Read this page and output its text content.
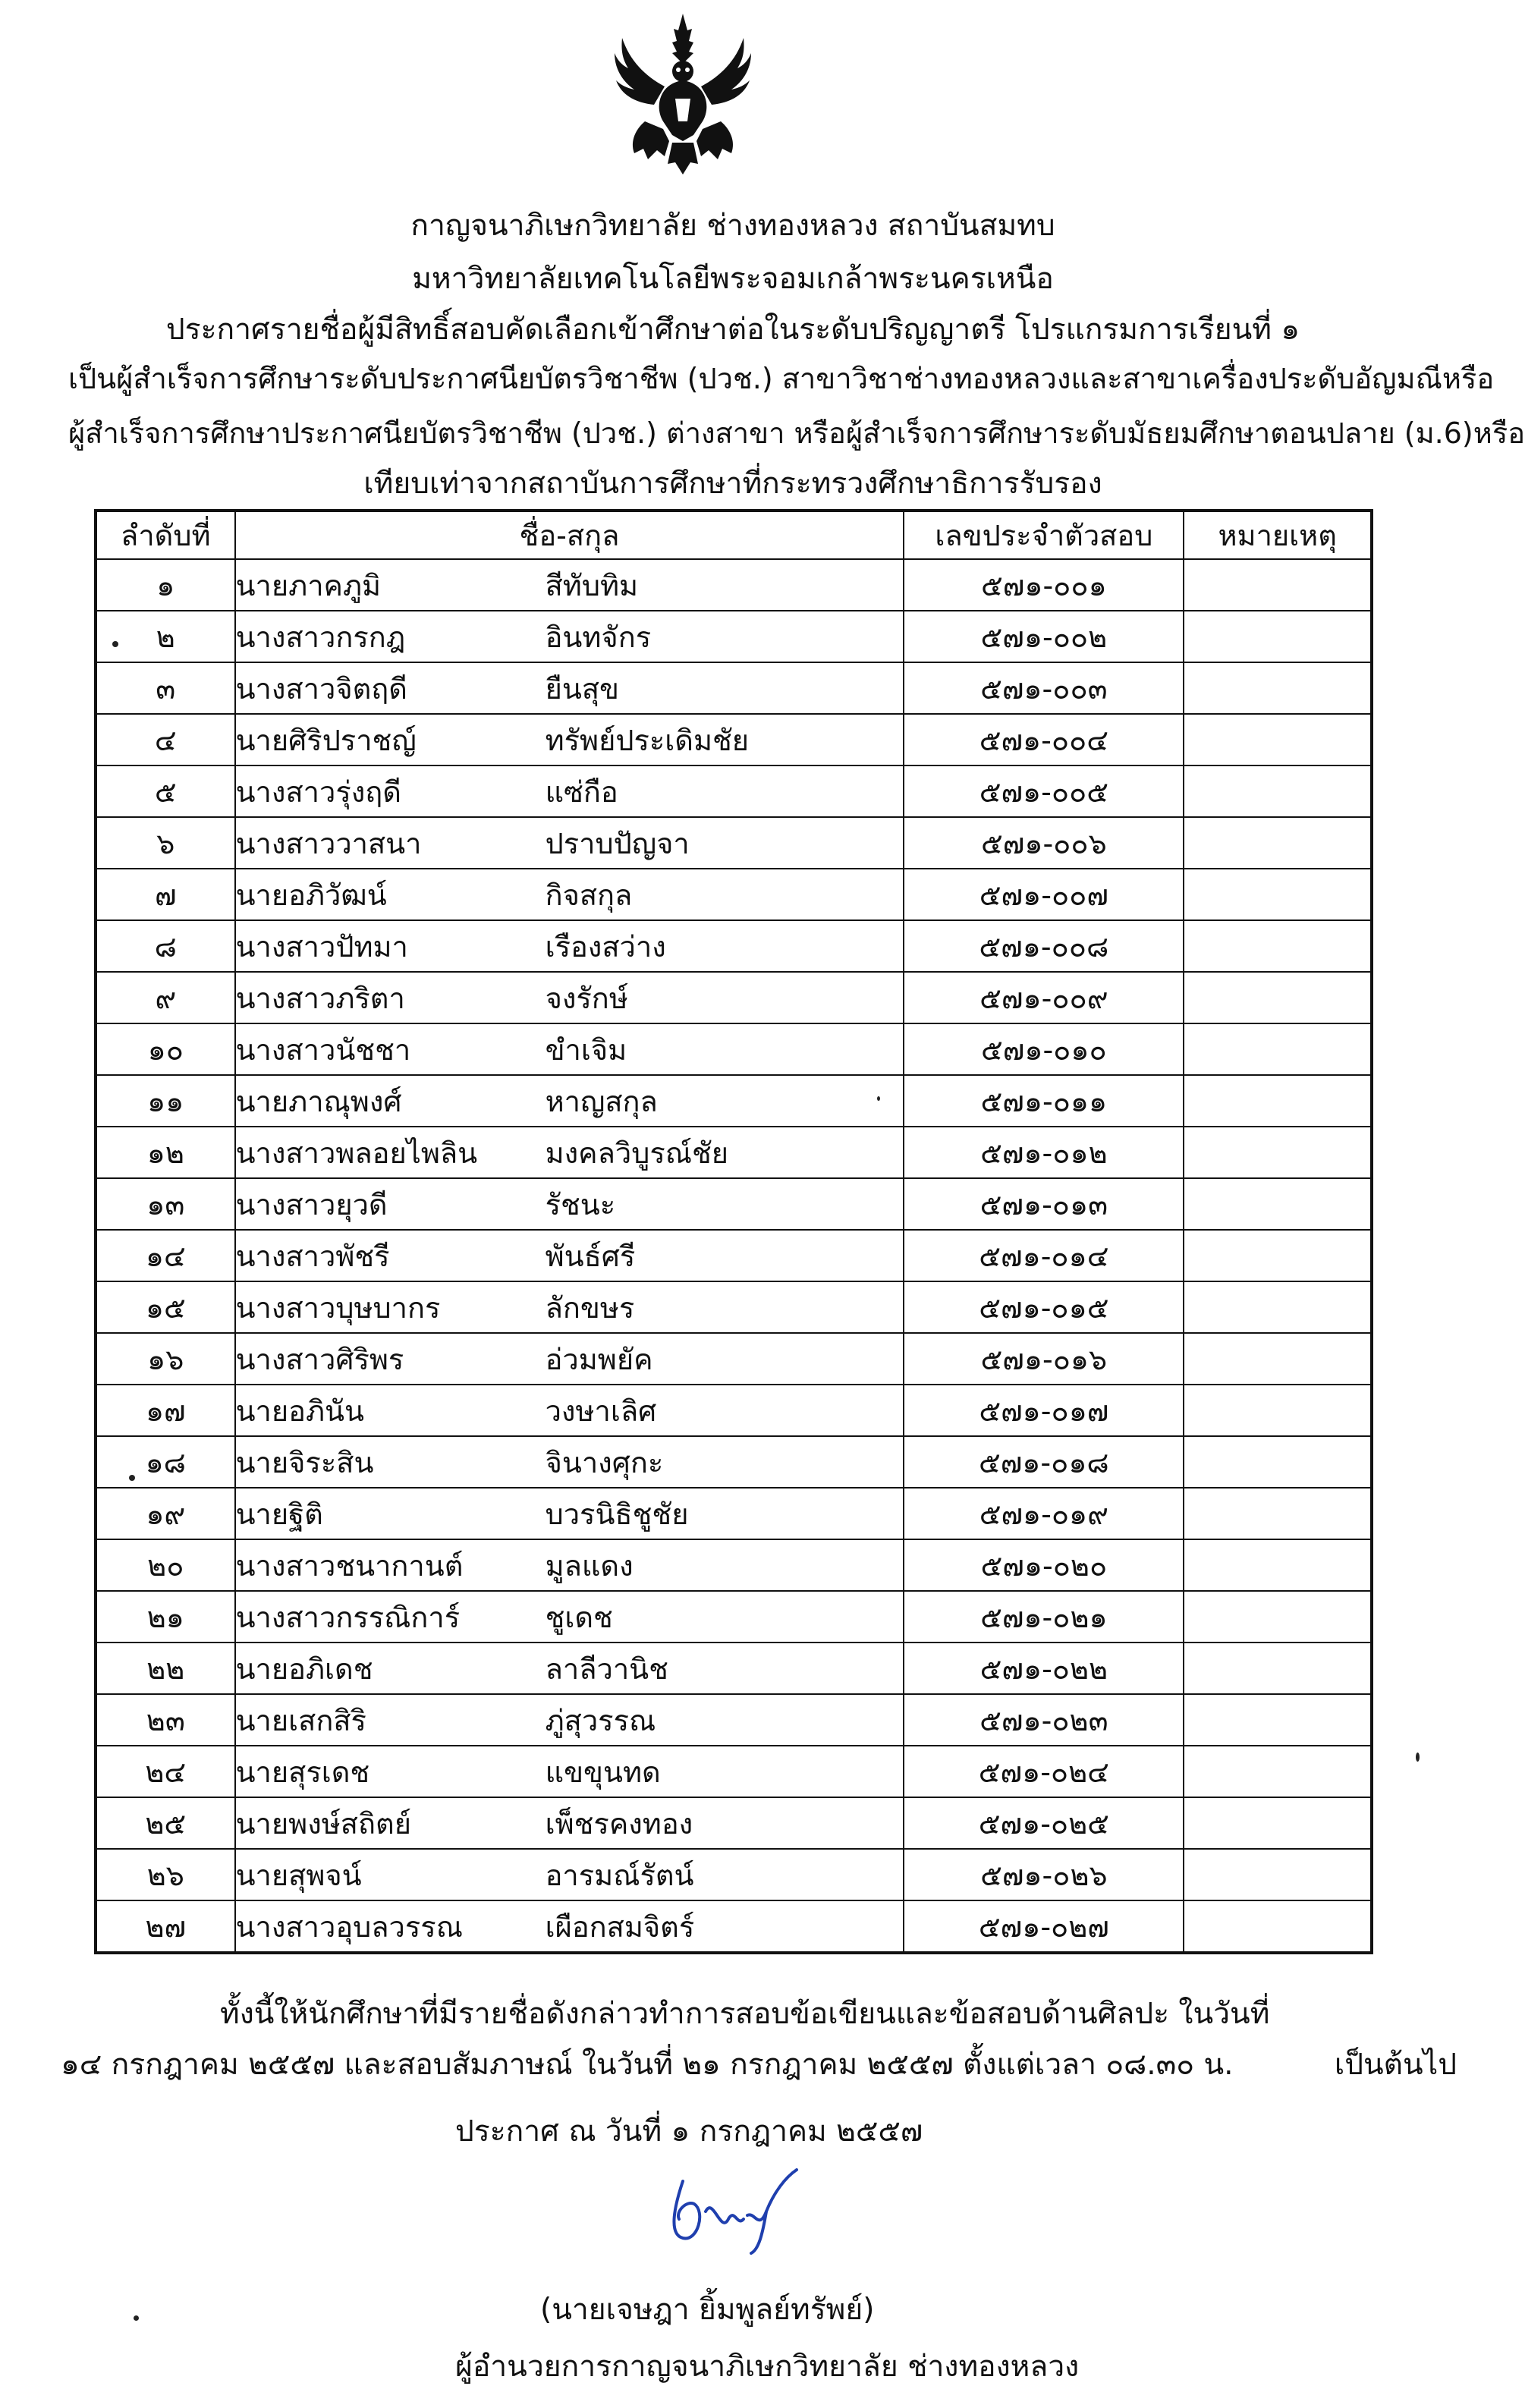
กาญจนาภิเษกวิทยาลัย ช่างทองหลวง สถาบันสมทบ
มหาวิทยาลัยเทคโนโลยีพระจอมเกล้าพระนครเหนือ
ประกาศรายชื่อผู้มีสิทธิ์สอบคัดเลือกเข้าศึกษาต่อในระดับปริญญาตรี โปรแกรมการเรียนที่ ๑
เป็นผู้สำเร็จการศึกษาระดับประกาศนียบัตรวิชาชีพ (ปวช.) สาขาวิชาช่างทองหลวงและสาขาเครื่องประดับอัญมณี หรือ
ผู้สำเร็จการศึกษาประกาศนียบัตรวิชาชีพ (ปวช.) ต่างสาขา หรือผู้สำเร็จการศึกษาระดับมัธยมศึกษาตอนปลาย (ม.6) หรือ
เทียบเท่าจากสถาบันการศึกษาที่กระทรวงศึกษาธิการรับรอง
ลำดับที่	ชื่อ-สกุล	เลขประจำตัวสอบ	หมายเหตุ
๑	นายภาคภูมิ สีทับทิม	๕๗๑-๐๐๑	
๒	นางสาวกรกฎ อินทจักร	๕๗๑-๐๐๒	
๓	นางสาวจิตฤดี ยืนสุข	๕๗๑-๐๐๓	
๔	นายศิริปราชญ์ ทรัพย์ประเดิมชัย	๕๗๑-๐๐๔	
๕	นางสาวรุ่งฤดี แซ่กือ	๕๗๑-๐๐๕	
๖	นางสาววาสนา ปราบปัญจา	๕๗๑-๐๐๖	
๗	นายอภิวัฒน์ กิจสกุล	๕๗๑-๐๐๗	
๘	นางสาวปัทมา เรืองสว่าง	๕๗๑-๐๐๘	
๙	นางสาวภริตา จงรักษ์	๕๗๑-๐๐๙	
๑๐	นางสาวนัชชา ขำเจิม	๕๗๑-๐๑๐	
๑๑	นายภาณุพงศ์ หาญสกุล	๕๗๑-๐๑๑	
๑๒	นางสาวพลอยไพลิน มงคลวิบูรณ์ชัย	๕๗๑-๐๑๒	
๑๓	นางสาวยุวดี รัชนะ	๕๗๑-๐๑๓	
๑๔	นางสาวพัชรี พันธ์ศรี	๕๗๑-๐๑๔	
๑๕	นางสาวบุษบากร ลักขษร	๕๗๑-๐๑๕	
๑๖	นางสาวศิริพร อ่วมพยัค	๕๗๑-๐๑๖	
๑๗	นายอภินัน วงษาเลิศ	๕๗๑-๐๑๗	
๑๘	นายจิระสิน จินางศุกะ	๕๗๑-๐๑๘	
๑๙	นายฐิติ บวรนิธิชูชัย	๕๗๑-๐๑๙	
๒๐	นางสาวชนากานต์ มูลแดง	๕๗๑-๐๒๐	
๒๑	นางสาวกรรณิการ์ ชูเดช	๕๗๑-๐๒๑	
๒๒	นายอภิเดช ลาลีวานิช	๕๗๑-๐๒๒	
๒๓	นายเสกสิริ ภู่สุวรรณ	๕๗๑-๐๒๓	
๒๔	นายสุรเดช แขขุนทด	๕๗๑-๐๒๔	
๒๕	นายพงษ์สถิตย์ เพ็ชรคงทอง	๕๗๑-๐๒๕	
๒๖	นายสุพจน์ อารมณ์รัตน์	๕๗๑-๐๒๖	
๒๗	นางสาวอุบลวรรณ เผือกสมจิตร์	๕๗๑-๐๒๗	
ทั้งนี้ให้นักศึกษาที่มีรายชื่อดังกล่าวทำการสอบข้อเขียนและข้อสอบด้านศิลปะ ในวันที่
๑๔ กรกฎาคม ๒๕๕๗ และสอบสัมภาษณ์ ในวันที่ ๒๑ กรกฎาคม ๒๕๕๗ ตั้งแต่เวลา ๐๘.๓๐ น.	เป็นต้นไป
ประกาศ ณ วันที่ ๑ กรกฎาคม ๒๕๕๗
(นายเจษฎา ยิ้มพูลย์ทรัพย์)
ผู้อำนวยการกาญจนาภิเษกวิทยาลัย ช่างทองหลวง
